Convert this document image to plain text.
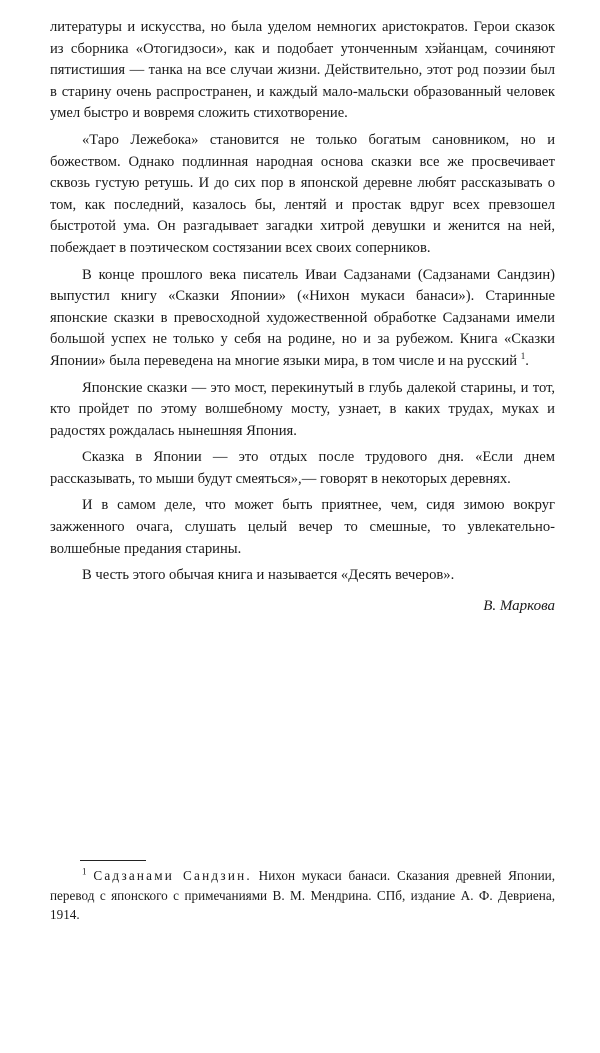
литературы и искусства, но была уделом немногих аристократов. Герои сказок из сборника «Отогидзоси», как и подобает утонченным хэйанцам, сочиняют пятистишия — танка на все случаи жизни. Действительно, этот род поэзии был в старину очень распространен, и каждый мало-мальски образованный человек умел быстро и вовремя сложить стихотворение.

«Таро Лежебока» становится не только богатым сановником, но и божеством. Однако подлинная народная основа сказки все же просвечивает сквозь густую ретушь. И до сих пор в японской деревне любят рассказывать о том, как последний, казалось бы, лентяй и простак вдруг всех превзошел быстротой ума. Он разгадывает загадки хитрой девушки и женится на ней, побеждает в поэтическом состязании всех своих соперников.

В конце прошлого века писатель Иваи Садзанами (Садзанами Сандзин) выпустил книгу «Сказки Японии» («Нихон мукаси банаси»). Старинные японские сказки в превосходной художественной обработке Садзанами имели большой успех не только у себя на родине, но и за рубежом. Книга «Сказки Японии» была переведена на многие языки мира, в том числе и на русский $^1$.

Японские сказки — это мост, перекинутый в глубь далекой старины, и тот, кто пройдет по этому волшебному мосту, узнает, в каких трудах, муках и радостях рождалась нынешняя Япония.

Сказка в Японии — это отдых после трудового дня. «Если днем рассказывать, то мыши будут смеяться»,— говорят в некоторых деревнях.

И в самом деле, что может быть приятнее, чем, сидя зимою вокруг зажженного очага, слушать целый вечер то смешные, то увлекательно-волшебные предания старины.

В честь этого обычая книга и называется «Десять вечеров».

В. Маркова

$^1$ Садзанами Сандзин. Нихон мукаси банаси. Сказания древней Японии, перевод с японского с примечаниями В. М. Мендрина. СПб, издание А. Ф. Девриена, 1914.
